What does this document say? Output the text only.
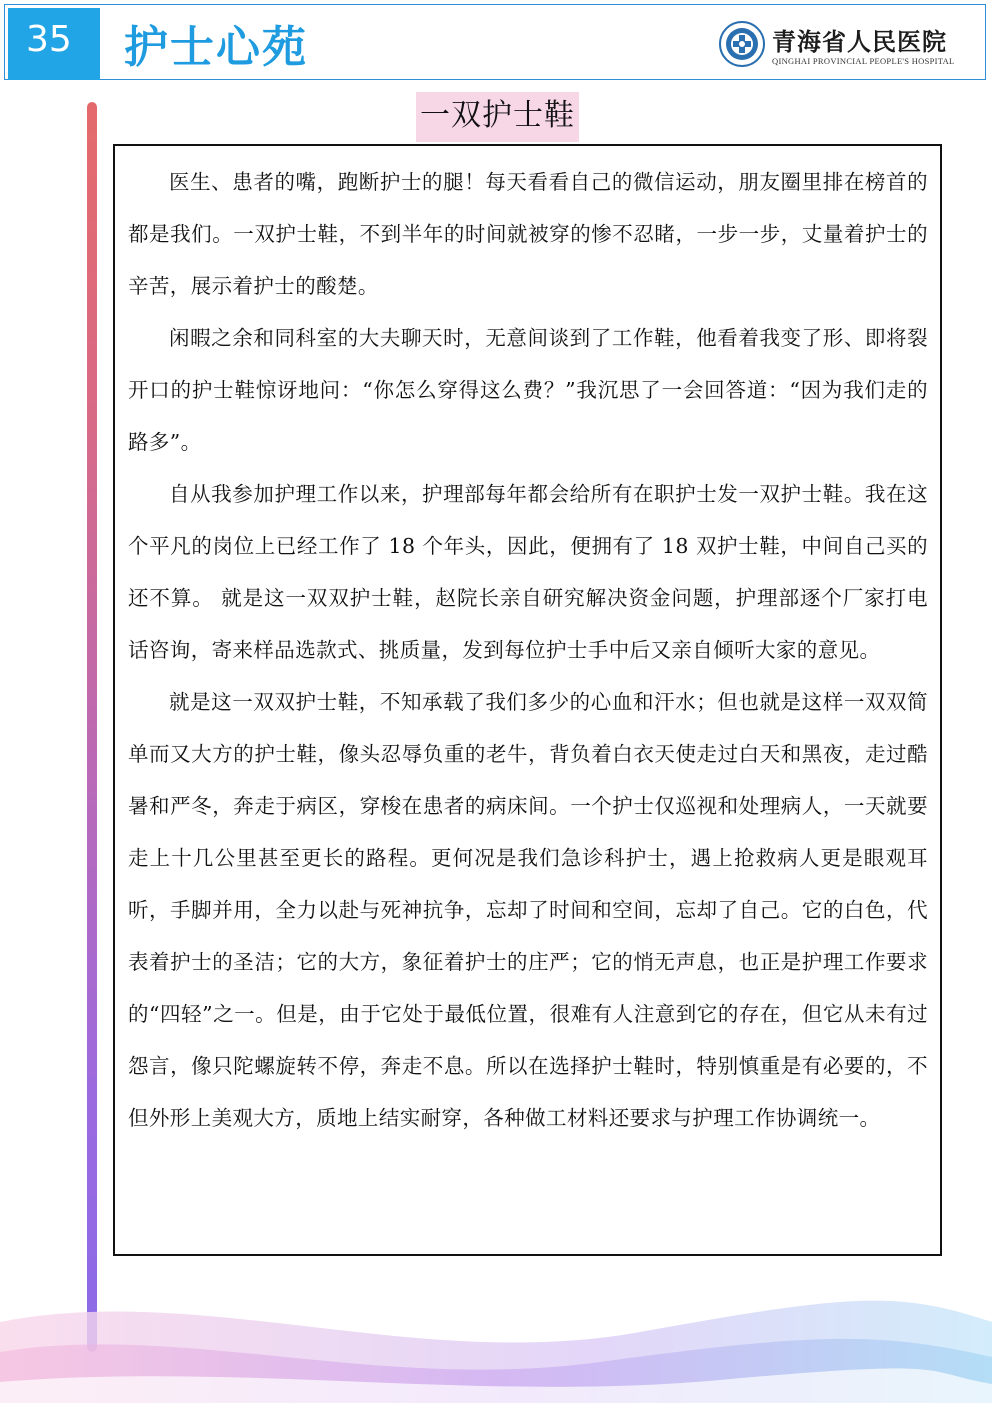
35	护士心苑	青海省人民医院
QINGHAI PROVINCIAL PEOPLE'S HOSPITAL
一双护士鞋

医生、患者的嘴，跑断护士的腿！每天看看自己的微信运动，朋友圈里排在榜首的都是我们。一双护士鞋，不到半年的时间就被穿的惨不忍睹，一步一步，丈量着护士的辛苦，展示着护士的酸楚。

闲暇之余和同科室的大夫聊天时，无意间谈到了工作鞋，他看着我变了形、即将裂开口的护士鞋惊讶地问：“你怎么穿得这么费？”我沉思了一会回答道：“因为我们走的路多”。

自从我参加护理工作以来，护理部每年都会给所有在职护士发一双护士鞋。我在这个平凡的岗位上已经工作了 18 个年头，因此，便拥有了 18 双护士鞋，中间自己买的还不算。 就是这一双双护士鞋，赵院长亲自研究解决资金问题，护理部逐个厂家打电话咨询，寄来样品选款式、挑质量，发到每位护士手中后又亲自倾听大家的意见。

就是这一双双护士鞋，不知承载了我们多少的心血和汗水；但也就是这样一双双简单而又大方的护士鞋，像头忍辱负重的老牛，背负着白衣天使走过白天和黑夜，走过酷暑和严冬，奔走于病区，穿梭在患者的病床间。一个护士仅巡视和处理病人，一天就要走上十几公里甚至更长的路程。更何况是我们急诊科护士，遇上抢救病人更是眼观耳听，手脚并用，全力以赴与死神抗争，忘却了时间和空间，忘却了自己。它的白色，代表着护士的圣洁；它的大方，象征着护士的庄严；它的悄无声息，也正是护理工作要求的“四轻”之一。但是，由于它处于最低位置，很难有人注意到它的存在，但它从未有过怨言，像只陀螺旋转不停，奔走不息。所以在选择护士鞋时，特别慎重是有必要的，不但外形上美观大方，质地上结实耐穿，各种做工材料还要求与护理工作协调统一。
